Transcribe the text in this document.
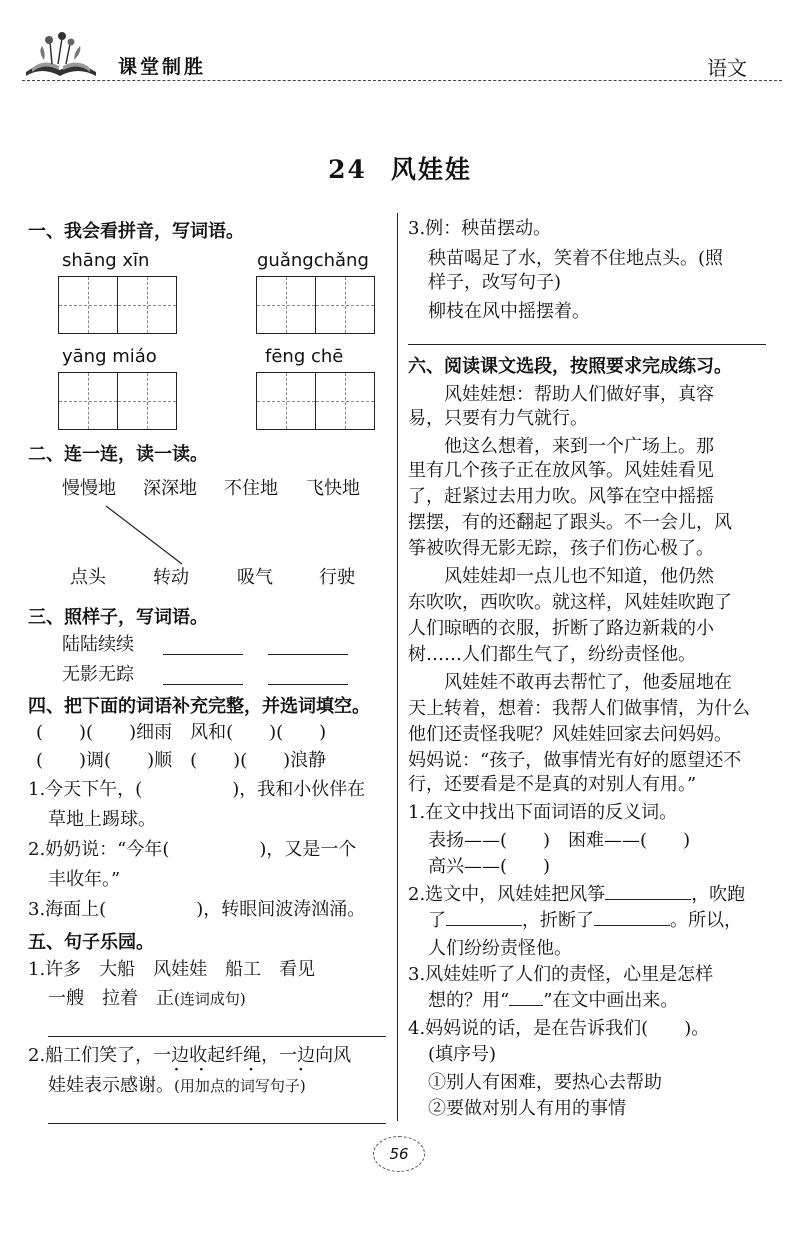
课堂制胜	语文
24 风娃娃
一、我会看拼音，写词语。
shāng xīn	guǎngchǎng
yāng miáo	fēng chē
二、连一连，读一读。
慢慢地 深深地 不住地 飞快地
点头	转动	吸气	行驶
三、照样子，写词语。
陆陆续续
无影无踪
四、把下面的词语补充完整，并选词填空。
(　　)(　　)细雨　风和(　　)(　　)
(　　)调(　　)顺　(　　)(　　)浪静
1.今天下午，(　　　　　)，我和小伙伴在
草地上踢球。
2.奶奶说：“今年(　　　　　)，又是一个
丰收年。”
3.海面上(　　　　　)，转眼间波涛汹涌。
五、句子乐园。
1.许多　大船　风娃娃　船工　看见
一艘　拉着　正(连词成句)
2.船工们笑了，一边收起纤绳，一边向风
娃娃表示感谢。(用加点的词写句子)
·· · ·
3.例：秧苗摆动。
秧苗喝足了水，笑着不住地点头。(照
样子，改写句子)
柳枝在风中摇摆着。
六、阅读课文选段，按照要求完成练习。
风娃娃想：帮助人们做好事，真容
易，只要有力气就行。
他这么想着，来到一个广场上。那
里有几个孩子正在放风筝。风娃娃看见
了，赶紧过去用力吹。风筝在空中摇摇
摆摆，有的还翻起了跟头。不一会儿，风
筝被吹得无影无踪，孩子们伤心极了。
风娃娃却一点儿也不知道，他仍然
东吹吹，西吹吹。就这样，风娃娃吹跑了
人们晾晒的衣服，折断了路边新栽的小
树……人们都生气了，纷纷责怪他。
风娃娃不敢再去帮忙了，他委屈地在
天上转着，想着：我帮人们做事情，为什么
他们还责怪我呢？风娃娃回家去问妈妈。
妈妈说：“孩子，做事情光有好的愿望还不
行，还要看是不是真的对别人有用。”
1.在文中找出下面词语的反义词。
表扬——(　　)　困难——(　　)
高兴——(　　)
2.选文中，风娃娃把风筝	，吹跑
了	，折断了	。所以，
人们纷纷责怪他。
3.风娃娃听了人们的责怪，心里是怎样
想的？用“ ”在文中画出来。
4.妈妈说的话，是在告诉我们(　　)。
(填序号)
①别人有困难，要热心去帮助
②要做对别人有用的事情
56
